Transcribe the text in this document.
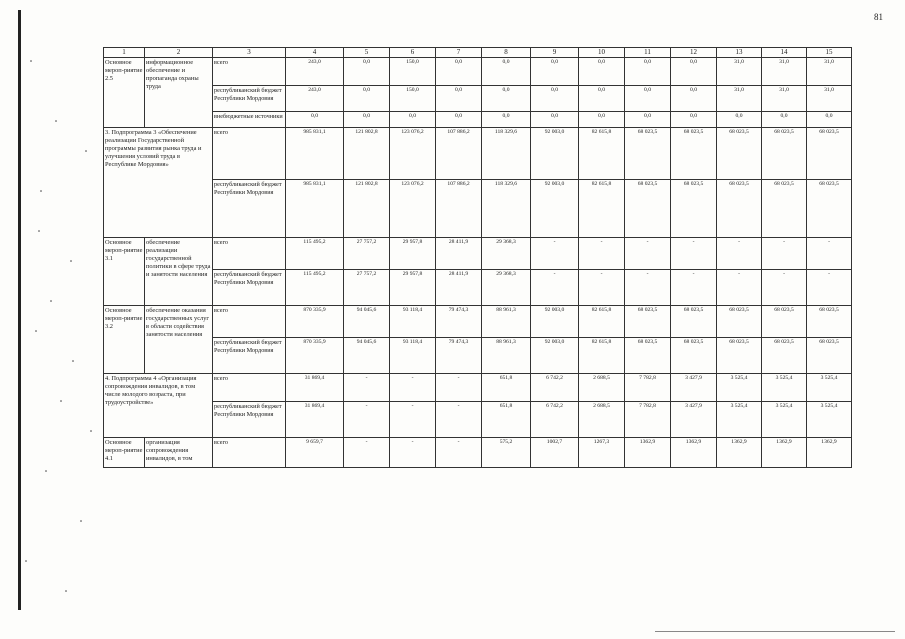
81
1	2	3	4	5	6	7	8	9	10	11	12	13	14	15
Основное мероп-риятие 2.5	информационное обеспечение и пропаганда охраны труда	всего	243,0	0,0	150,0	0,0	0,0	0,0	0,0	0,0	0,0	31,0	31,0	31,0
		республиканский бюджет Республики Мордовия	243,0	0,0	150,0	0,0	0,0	0,0	0,0	0,0	0,0	31,0	31,0	31,0
		внебюджетные источники	0,0	0,0	0,0	0,0	0,0	0,0	0,0	0,0	0,0	0,0	0,0	0,0
3. Подпрограмма 3 «Обеспечение реализации Государственной программы развития рынка труда и улучшения условий труда в Республике Мордовия»		всего	985 831,1	121 802,8	123 076,2	107 886,2	118 329,6	92 003,0	82 615,8	68 023,5	68 023,5	68 023,5	68 023,5	68 023,5
		республиканский бюджет Республики Мордовия	985 831,1	121 802,8	123 076,2	107 886,2	118 329,6	92 003,0	82 615,8	68 023,5	68 023,5	68 023,5	68 023,5	68 023,5
Основное мероп-риятие 3.1	обеспечение реализации государственной политики в сфере труда и занятости населения	всего	115 495,2	27 757,2	29 957,8	28 411,9	29 368,3	-	-	-	-	-	-	-
		республиканский бюджет Республики Мордовия	115 495,2	27 757,2	29 957,8	28 411,9	29 368,3	-	-	-	-	-	-	-
Основное мероп-риятие 3.2	обеспечение оказания государственных услуг в области содействия занятости населения	всего	870 335,9	94 045,6	93 118,4	79 474,3	88 961,3	92 003,0	82 615,8	68 023,5	68 023,5	68 023,5	68 023,5	68 023,5
		республиканский бюджет Республики Мордовия	870 335,9	94 045,6	93 118,4	79 474,3	88 961,3	92 003,0	82 615,8	68 023,5	68 023,5	68 023,5	68 023,5	68 023,5
4. Подпрограмма 4 «Организация сопровождения инвалидов, в том числе молодого возраста, при трудоустройстве»		всего	31 869,4	-	-	-	651,8	6 742,2	2 688,5	7 782,8	3 427,9	3 525,4	3 525,4	3 525,4
		республиканский бюджет Республики Мордовия	31 869,4	-	-	-	651,8	6 742,2	2 688,5	7 782,8	3 427,9	3 525,4	3 525,4	3 525,4
Основное мероп-риятие 4.1	организация сопровождения инвалидов, в том	всего	9 659,7	-	-	-	575,2	1002,7	1267,3	1362,9	1362,9	1362,9	1362,9	1362,9
